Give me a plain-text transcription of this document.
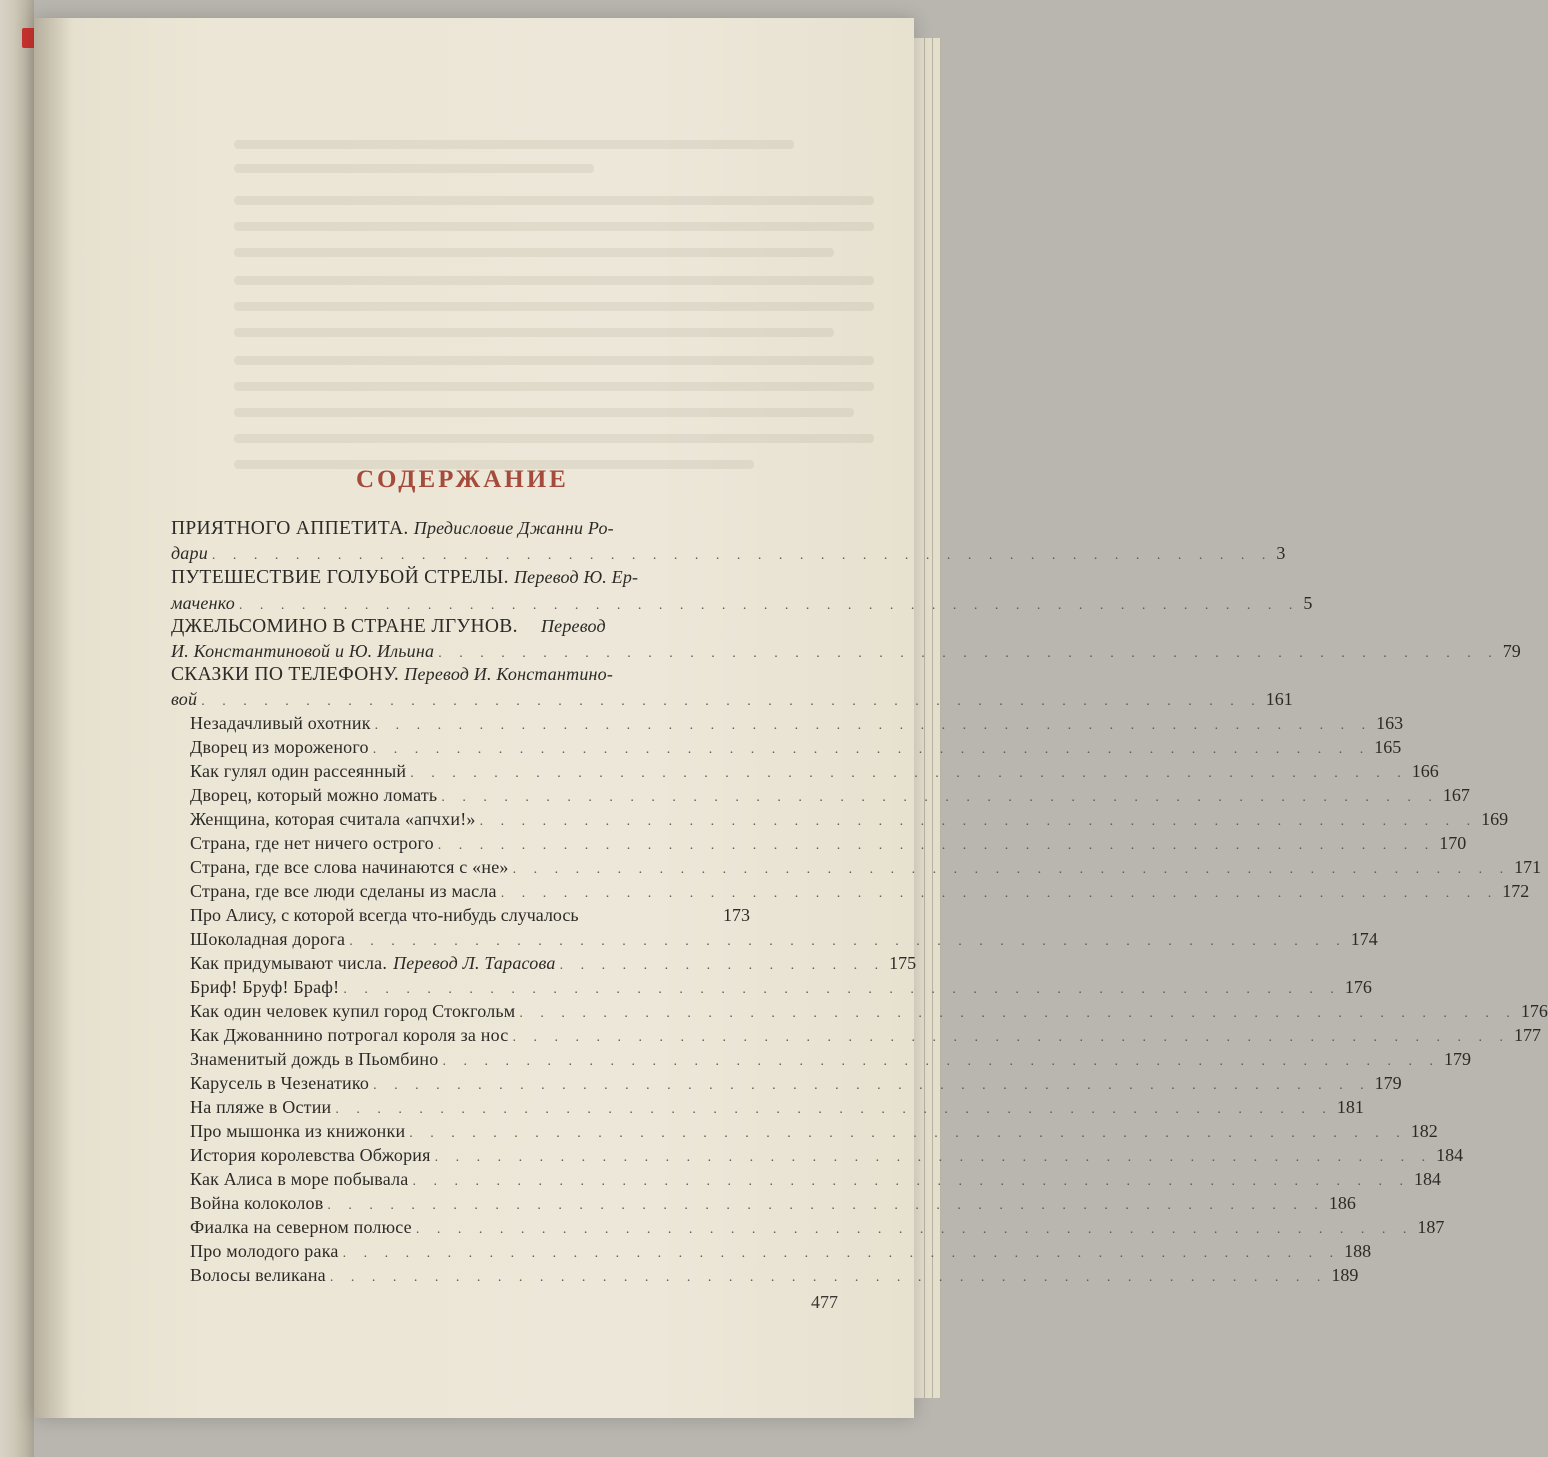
СОДЕРЖАНИЕ
ПРИЯТНОГО АППЕТИТА. Предисловие Джанни Ро-
дари . . . . . . . . . . . . . . . . . . . . . . . . . . . . . . . . . . . . . . . . . . . . . . . . . . . 3
ПУТЕШЕСТВИЕ ГОЛУБОЙ СТРЕЛЫ. Перевод Ю. Ер-
маченко . . . . . . . . . . . . . . . . . . . . . . . . . . . . . . . . . . . . . . . . . . . . . . . . . . . 5
ДЖЕЛЬСОМИНО В СТРАНЕ ЛГУНОВ. Перевод
И. Константиновой и Ю. Ильина . . . . . . . . . . . . . . . . . . . . . . . . . . . . . . . . . . . . . . . . . . . . . . . . . . . 79
СКАЗКИ ПО ТЕЛЕФОНУ. Перевод И. Константино-
вой . . . . . . . . . . . . . . . . . . . . . . . . . . . . . . . . . . . . . . . . . . . . . . . . . . . 161
Незадачливый охотник . . . . . . . . . . . . . . . . . . . . . . . . . . . . . . . . . . . . . . . . . . . . . . . . 163
Дворец из мороженого . . . . . . . . . . . . . . . . . . . . . . . . . . . . . . . . . . . . . . . . . . . . . . . . 165
Как гулял один рассеянный . . . . . . . . . . . . . . . . . . . . . . . . . . . . . . . . . . . . . . . . . . . . . . . . 166
Дворец, который можно ломать . . . . . . . . . . . . . . . . . . . . . . . . . . . . . . . . . . . . . . . . . . . . . . . . 167
Женщина, которая считала «апчхи!» . . . . . . . . . . . . . . . . . . . . . . . . . . . . . . . . . . . . . . . . . . . . . . . . 169
Страна, где нет ничего острого . . . . . . . . . . . . . . . . . . . . . . . . . . . . . . . . . . . . . . . . . . . . . . . . 170
Страна, где все слова начинаются с «не» . . . . . . . . . . . . . . . . . . . . . . . . . . . . . . . . . . . . . . . . . . . . . . . . 171
Страна, где все люди сделаны из масла . . . . . . . . . . . . . . . . . . . . . . . . . . . . . . . . . . . . . . . . . . . . . . . . 172
Про Алису, с которой всегда что-нибудь случалось	173
Шоколадная дорога . . . . . . . . . . . . . . . . . . . . . . . . . . . . . . . . . . . . . . . . . . . . . . . . 174
Как придумывают числа. Перевод Л. Тарасова . . . . . . . . . . . . . . . . 175
Бриф! Бруф! Браф! . . . . . . . . . . . . . . . . . . . . . . . . . . . . . . . . . . . . . . . . . . . . . . . . 176
Как один человек купил город Стокгольм . . . . . . . . . . . . . . . . . . . . . . . . . . . . . . . . . . . . . . . . . . . . . . . . 176
Как Джованнино потрогал короля за нос . . . . . . . . . . . . . . . . . . . . . . . . . . . . . . . . . . . . . . . . . . . . . . . . 177
Знаменитый дождь в Пьомбино . . . . . . . . . . . . . . . . . . . . . . . . . . . . . . . . . . . . . . . . . . . . . . . . 179
Карусель в Чезенатико . . . . . . . . . . . . . . . . . . . . . . . . . . . . . . . . . . . . . . . . . . . . . . . . 179
На пляже в Остии . . . . . . . . . . . . . . . . . . . . . . . . . . . . . . . . . . . . . . . . . . . . . . . . 181
Про мышонка из книжонки . . . . . . . . . . . . . . . . . . . . . . . . . . . . . . . . . . . . . . . . . . . . . . . . 182
История королевства Обжория . . . . . . . . . . . . . . . . . . . . . . . . . . . . . . . . . . . . . . . . . . . . . . . . 184
Как Алиса в море побывала . . . . . . . . . . . . . . . . . . . . . . . . . . . . . . . . . . . . . . . . . . . . . . . . 184
Война колоколов . . . . . . . . . . . . . . . . . . . . . . . . . . . . . . . . . . . . . . . . . . . . . . . . 186
Фиалка на северном полюсе . . . . . . . . . . . . . . . . . . . . . . . . . . . . . . . . . . . . . . . . . . . . . . . . 187
Про молодого рака . . . . . . . . . . . . . . . . . . . . . . . . . . . . . . . . . . . . . . . . . . . . . . . . 188
Волосы великана . . . . . . . . . . . . . . . . . . . . . . . . . . . . . . . . . . . . . . . . . . . . . . . . 189
477
